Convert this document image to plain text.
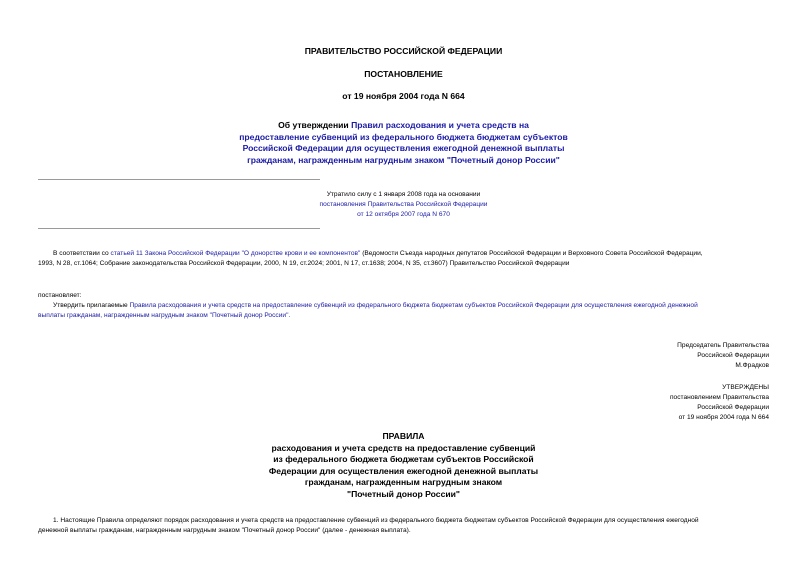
ПРАВИТЕЛЬСТВО РОССИЙСКОЙ ФЕДЕРАЦИИ
ПОСТАНОВЛЕНИЕ
от 19 ноября 2004 года N 664
Об утверждении Правил расходования и учета средств на
предоставление субвенций из федерального бюджета бюджетам субъектов
Российской Федерации для осуществления ежегодной денежной выплаты
гражданам, награжденным нагрудным знаком "Почетный донор России"
Утратило силу с 1 января 2008 года на основании
постановления Правительства Российской Федерации
от 12 октября 2007 года N 670
В соответствии со статьей 11 Закона Российской Федерации "О донорстве крови и ее компонентов" (Ведомости Съезда народных депутатов Российской Федерации и Верховного Совета Российской Федерации,
1993, N 28, ст.1064; Собрание законодательства Российской Федерации, 2000, N 19, ст.2024; 2001, N 17, ст.1638; 2004, N 35, ст.3607) Правительство Российской Федерации
постановляет:
Утвердить прилагаемые Правила расходования и учета средств на предоставление субвенций из федерального бюджета бюджетам субъектов Российской Федерации для осуществления ежегодной денежной
выплаты гражданам, награжденным нагрудным знаком "Почетный донор России".
Председатель Правительства
Российской Федерации
М.Фрадков
УТВЕРЖДЕНЫ
постановлением Правительства
Российской Федерации
от 19 ноября 2004 года N 664
ПРАВИЛА
расходования и учета средств на предоставление субвенций
из федерального бюджета бюджетам субъектов Российской
Федерации для осуществления ежегодной денежной выплаты
гражданам, награжденным нагрудным знаком
"Почетный донор России"
1. Настоящие Правила определяют порядок расходования и учета средств на предоставление субвенций из федерального бюджета бюджетам субъектов Российской Федерации для осуществления ежегодной
денежной выплаты гражданам, награжденным нагрудным знаком "Почетный донор России" (далее - денежная выплата).
